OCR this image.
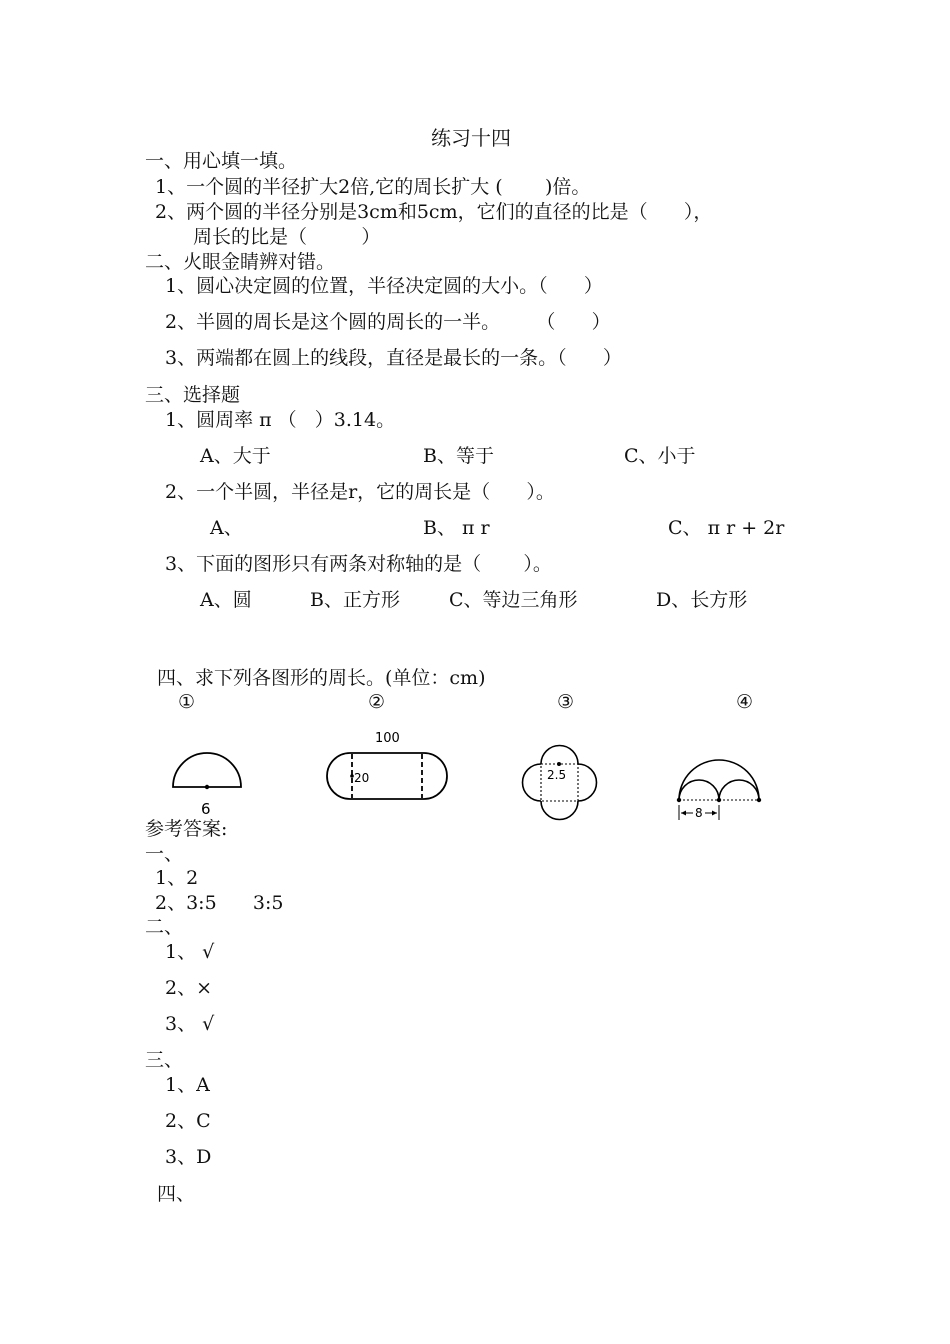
练习十四
一、用心填一填。
1、一个圆的半径扩大2倍,它的周长扩大 (       )倍。
2、两个圆的半径分别是3cm和5cm，它们的直径的比是（      ），
周长的比是（         ）
二、火眼金睛辨对错。
1、圆心决定圆的位置，半径决定圆的大小。（      ）
2、半圆的周长是这个圆的周长的一半。      （      ）
3、两端都在圆上的线段，直径是最长的一条。（      ）
三、选择题
1、圆周率 π （   ）3.14。
A、大于	B、等于	C、小于
2、一个半圆，半径是r，它的周长是（      ）。
A、	B、 π r	C、 π r + 2r
3、下面的图形只有两条对称轴的是（       ）。
A、圆	B、正方形	C、等边三角形	D、长方形
四、求下列各图形的周长。(单位：cm)
①	②	③	④
6
100
20	2.5
8
参考答案:
一、
1、2
2、3:5      3:5
二、
1、 √
2、×
3、 √
三、
1、A
2、C
3、D
四、
